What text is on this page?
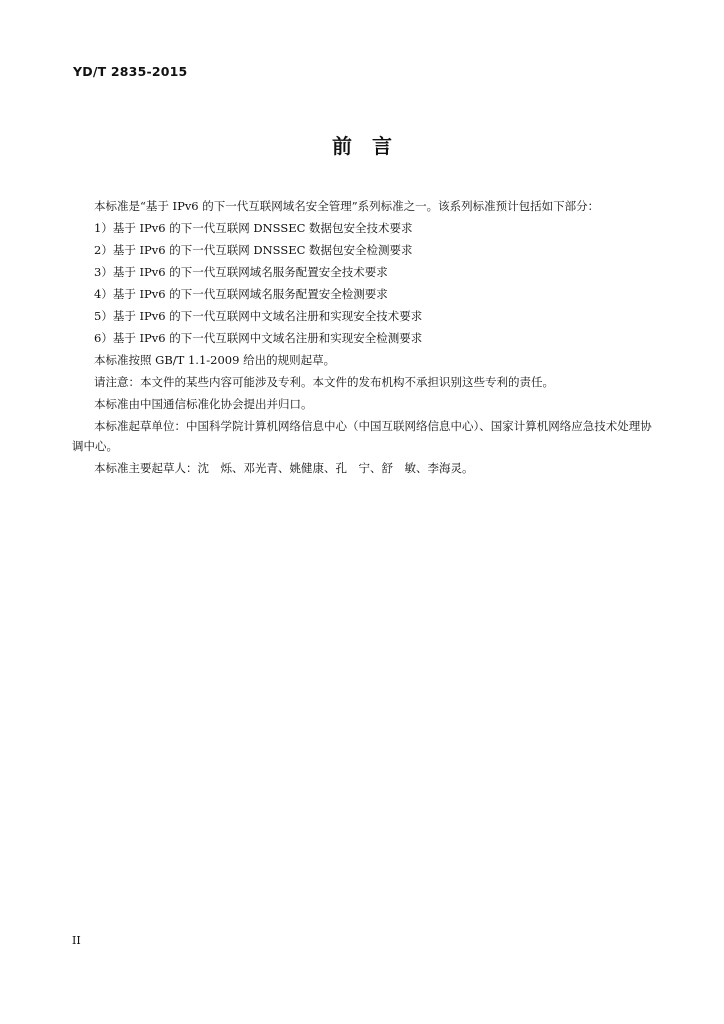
YD/T 2835-2015
前　言

本标准是“基于 IPv6 的下一代互联网域名安全管理”系列标准之一。该系列标准预计包括如下部分：

1）基于 IPv6 的下一代互联网 DNSSEC 数据包安全技术要求

2）基于 IPv6 的下一代互联网 DNSSEC 数据包安全检测要求

3）基于 IPv6 的下一代互联网域名服务配置安全技术要求

4）基于 IPv6 的下一代互联网域名服务配置安全检测要求

5）基于 IPv6 的下一代互联网中文域名注册和实现安全技术要求

6）基于 IPv6 的下一代互联网中文域名注册和实现安全检测要求

本标准按照 GB/T 1.1-2009 给出的规则起草。

请注意：本文件的某些内容可能涉及专利。本文件的发布机构不承担识别这些专利的责任。

本标准由中国通信标准化协会提出并归口。

本标准起草单位：中国科学院计算机网络信息中心（中国互联网络信息中心）、国家计算机网络应急技术处理协调中心。

本标准主要起草人：沈　烁、邓光青、姚健康、孔　宁、舒　敏、李海灵。

II
